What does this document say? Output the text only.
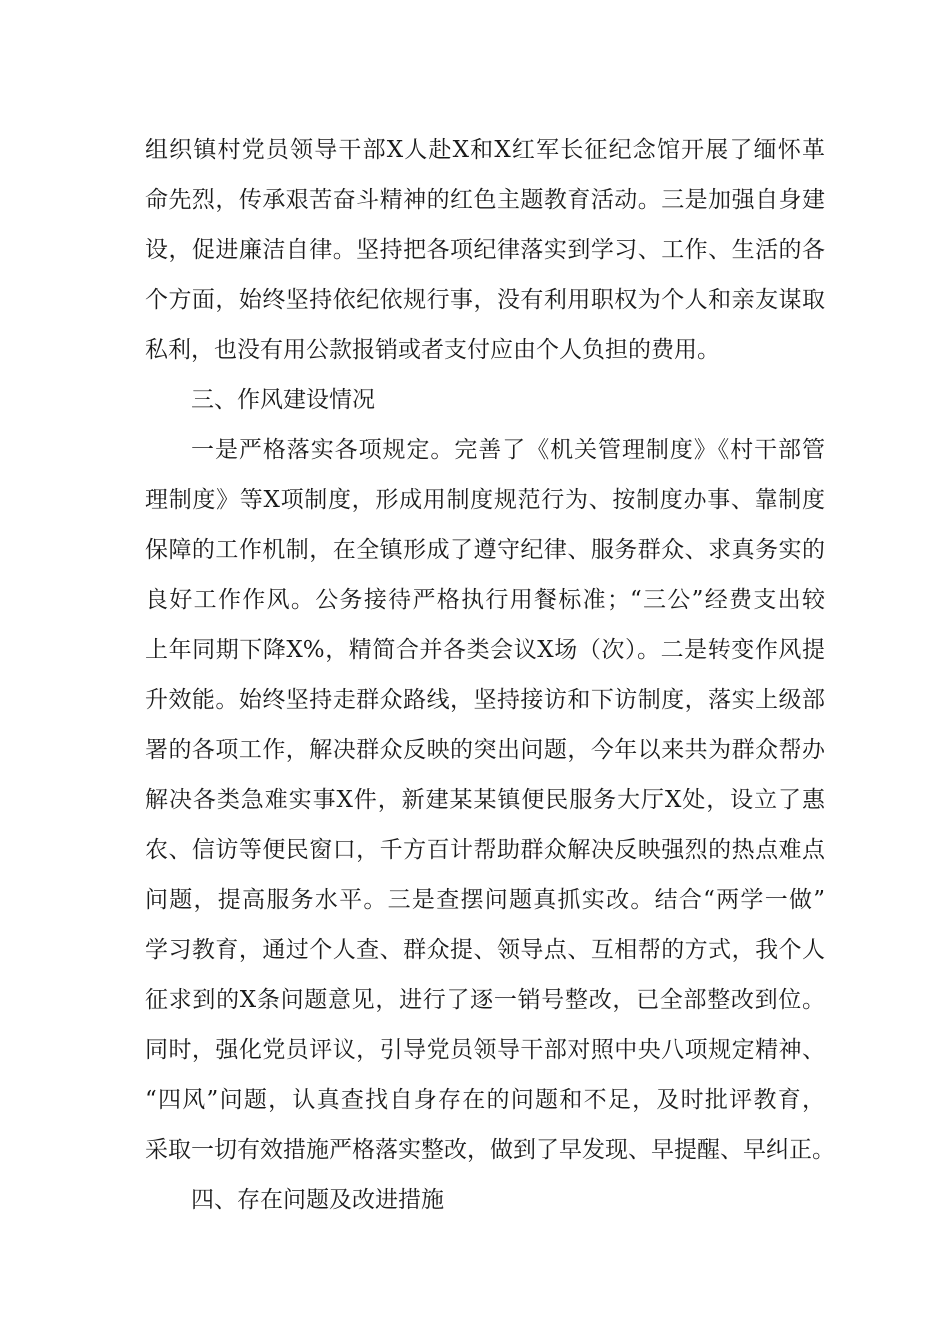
组织镇村党员领导干部X人赴X和X红军长征纪念馆开展了缅怀革
命先烈，传承艰苦奋斗精神的红色主题教育活动。三是加强自身建
设，促进廉洁自律。坚持把各项纪律落实到学习、工作、生活的各
个方面，始终坚持依纪依规行事，没有利用职权为个人和亲友谋取
私利，也没有用公款报销或者支付应由个人负担的费用。
三、作风建设情况
一是严格落实各项规定。完善了《机关管理制度》《村干部管
理制度》等X项制度，形成用制度规范行为、按制度办事、靠制度
保障的工作机制，在全镇形成了遵守纪律、服务群众、求真务实的
良好工作作风。公务接待严格执行用餐标准；“三公”经费支出较
上年同期下降X%，精简合并各类会议X场（次）。二是转变作风提
升效能。始终坚持走群众路线，坚持接访和下访制度，落实上级部
署的各项工作，解决群众反映的突出问题，今年以来共为群众帮办
解决各类急难实事X件，新建某某镇便民服务大厅X处，设立了惠
农、信访等便民窗口，千方百计帮助群众解决反映强烈的热点难点
问题，提高服务水平。三是查摆问题真抓实改。结合“两学一做”
学习教育，通过个人查、群众提、领导点、互相帮的方式，我个人
征求到的X条问题意见，进行了逐一销号整改，已全部整改到位。
同时，强化党员评议，引导党员领导干部对照中央八项规定精神、
“四风”问题，认真查找自身存在的问题和不足，及时批评教育，
采取一切有效措施严格落实整改，做到了早发现、早提醒、早纠正。
四、存在问题及改进措施
